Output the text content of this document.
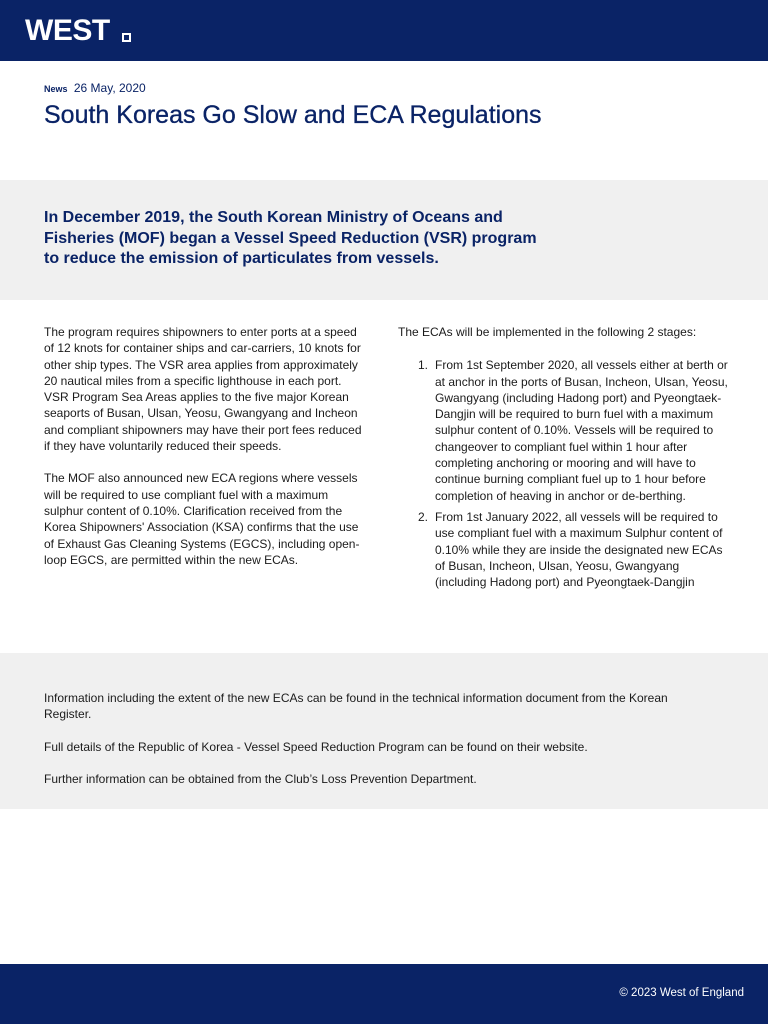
WEST
News 26 May, 2020
South Koreas Go Slow and ECA Regulations

In December 2019, the South Korean Ministry of Oceans and Fisheries (MOF) began a Vessel Speed Reduction (VSR) program to reduce the emission of particulates from vessels.

The program requires shipowners to enter ports at a speed of 12 knots for container ships and car-carriers, 10 knots for other ship types. The VSR area applies from approximately 20 nautical miles from a specific lighthouse in each port. VSR Program Sea Areas applies to the five major Korean seaports of Busan, Ulsan, Yeosu, Gwangyang and Incheon and compliant shipowners may have their port fees reduced if they have voluntarily reduced their speeds.

The MOF also announced new ECA regions where vessels will be required to use compliant fuel with a maximum sulphur content of 0.10%. Clarification received from the Korea Shipowners' Association (KSA) confirms that the use of Exhaust Gas Cleaning Systems (EGCS), including open-loop EGCS, are permitted within the new ECAs.

The ECAs will be implemented in the following 2 stages:

1. From 1st September 2020, all vessels either at berth or at anchor in the ports of Busan, Incheon, Ulsan, Yeosu, Gwangyang (including Hadong port) and Pyeongtaek-Dangjin will be required to burn fuel with a maximum sulphur content of 0.10%. Vessels will be required to changeover to compliant fuel within 1 hour after completing anchoring or mooring and will have to continue burning compliant fuel up to 1 hour before completion of heaving in anchor or de-berthing.
2. From 1st January 2022, all vessels will be required to use compliant fuel with a maximum Sulphur content of 0.10% while they are inside the designated new ECAs of Busan, Incheon, Ulsan, Yeosu, Gwangyang (including Hadong port) and Pyeongtaek-Dangjin

Information including the extent of the new ECAs can be found in the technical information document from the Korean Register.

Full details of the Republic of Korea - Vessel Speed Reduction Program can be found on their website.

Further information can be obtained from the Club’s Loss Prevention Department.

© 2023 West of England
